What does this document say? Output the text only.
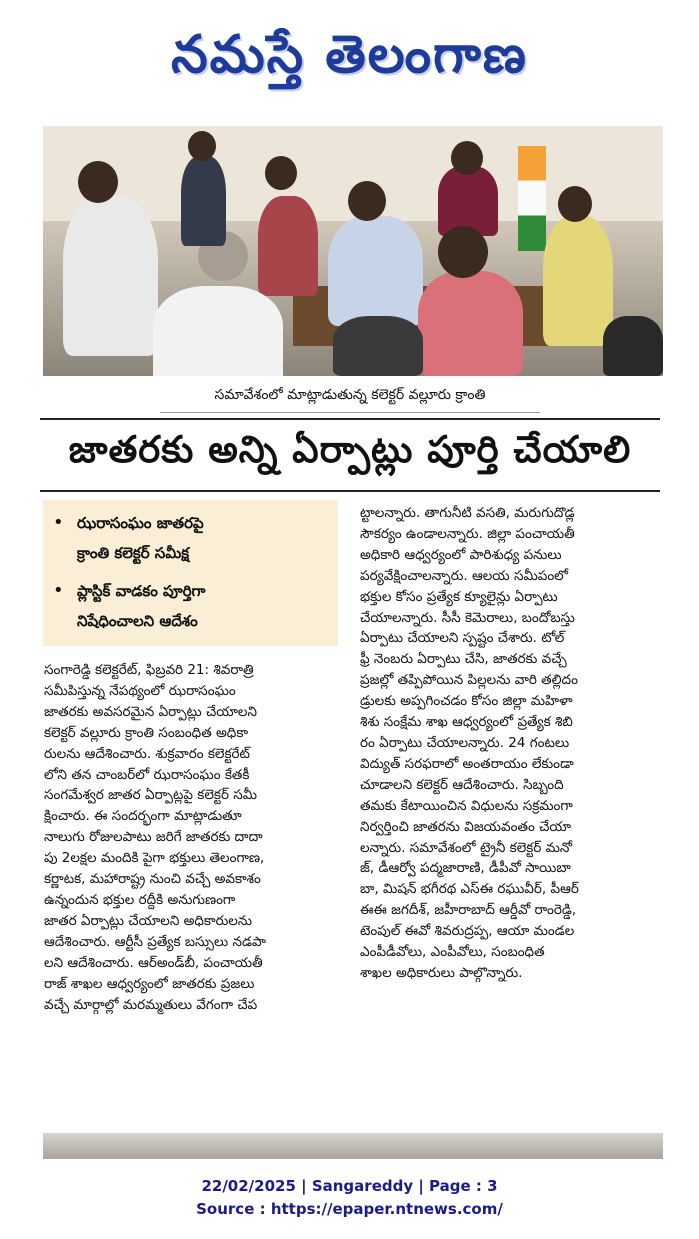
నమస్తే తెలంగాణ
సమావేశంలో మాట్లాడుతున్న కలెక్టర్ వల్లూరు క్రాంతి
జాతరకు అన్ని ఏర్పాట్లు పూర్తి చేయాలి
• ఝరాసంఘం జాతరపై
క్రాంతి కలెక్టర్ సమీక్ష
• ప్లాస్టిక్ వాడకం పూర్తిగా
నిషేధించాలని ఆదేశం

సంగారెడ్డి కలెక్టరేట్, ఫిబ్రవరి 21: శివరాత్రి

సమీపిస్తున్న నేపథ్యంలో ఝరాసంఘం

జాతరకు అవసరమైన ఏర్పాట్లు చేయాలని

కలెక్టర్ వల్లూరు క్రాంతి సంబంధిత అధికా

రులను ఆదేశించారు. శుక్రవారం కలెక్టరేట్

లోని తన చాంబర్‌లో ఝరాసంఘం కేతకీ

సంగమేశ్వర జాతర ఏర్పాట్లపై కలెక్టర్ సమీ

క్షించారు. ఈ సందర్భంగా మాట్లాడుతూ

నాలుగు రోజులపాటు జరిగే జాతరకు దాదా

పు 2లక్షల మందికి పైగా భక్తులు తెలంగాణ,

కర్ణాటక, మహారాష్ట్ర నుంచి వచ్చే అవకాశం

ఉన్నందున భక్తుల రద్దీకి అనుగుణంగా

జాతర ఏర్పాట్లు చేయాలని అధికారులను

ఆదేశించారు. ఆర్టీసీ ప్రత్యేక బస్సులు నడపా

లని ఆదేశించారు. ఆర్అండ్‌బీ, పంచాయతీ

రాజ్ శాఖల ఆధ్వర్యంలో జాతరకు ప్రజలు

వచ్చే మార్గాల్లో మరమ్మతులు వేగంగా చేప

ట్టాలన్నారు. తాగునీటి వసతి, మరుగుదొడ్ల

సౌకర్యం ఉండాలన్నారు. జిల్లా పంచాయతీ

అధికారి ఆధ్వర్యంలో పారిశుధ్య పనులు

పర్యవేక్షించాలన్నారు. ఆలయ సమీపంలో

భక్తుల కోసం ప్రత్యేక క్యూలైన్లు ఏర్పాటు

చేయాలన్నారు. సీసీ కెమెరాలు, బందోబస్తు

ఏర్పాటు చేయాలని స్పష్టం చేశారు. టోల్

ఫ్రీ నెంబరు ఏర్పాటు చేసి, జాతరకు వచ్చే

ప్రజల్లో తప్పిపోయిన పిల్లలను వారి తల్లిదం

డ్రులకు అప్పగించడం కోసం జిల్లా మహిళా

శిశు సంక్షేమ శాఖ ఆధ్వర్యంలో ప్రత్యేక శిబి

రం ఏర్పాటు చేయాలన్నారు. 24 గంటలు

విద్యుత్ సరఫరాలో అంతరాయం లేకుండా

చూడాలని కలెక్టర్ ఆదేశించారు. సిబ్బంది

తమకు కేటాయించిన విధులను సక్రమంగా

నిర్వర్తించి జాతరను విజయవంతం చేయా

లన్నారు. సమావేశంలో ట్రైనీ కలెక్టర్ మనో

జ్, డీఆర్వో పద్మజారాణి, డీపీవో సాయిబా

బా, మిషన్ భగీరథ ఎస్ఈ రఘువీర్, పీఆర్

ఈఈ జగదీశ్, జహీరాబాద్ ఆర్డీవో రాంరెడ్డి,

టెంపుల్ ఈవో శివరుద్రప్ప, ఆయా మండల

ఎంపీడీవోలు, ఎంపీవోలు, సంబంధిత

శాఖల అధికారులు పాల్గొన్నారు.

22/02/2025 | Sangareddy | Page : 3
Source : https://epaper.ntnews.com/
